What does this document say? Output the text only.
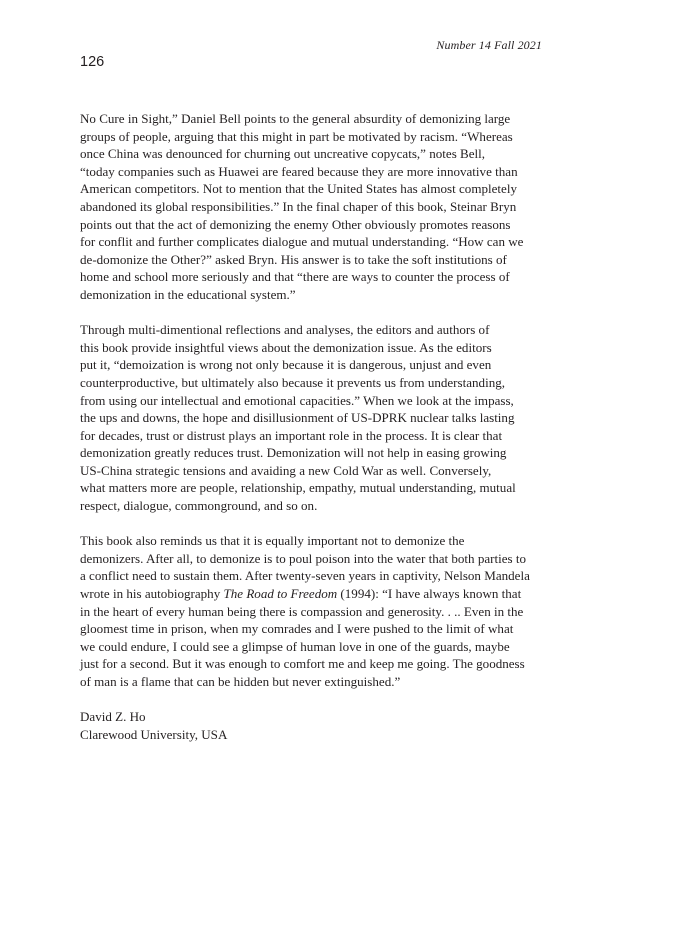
Number 14 Fall 2021
126
No Cure in Sight,” Daniel Bell points to the general absurdity of demonizing large
groups of people, arguing that this might in part be motivated by racism. “Whereas
once China was denounced for churning out uncreative copycats,” notes Bell,
“today companies such as Huawei are feared because they are more innovative than
American competitors. Not to mention that the United States has almost completely
abandoned its global responsibilities.” In the final chaper of this book, Steinar Bryn
points out that the act of demonizing the enemy Other obviously promotes reasons
for conflit and further complicates dialogue and mutual understanding. “How can we
de-domonize the Other?” asked Bryn. His answer is to take the soft institutions of
home and school more seriously and that “there are ways to counter the process of
demonization in the educational system.”
Through multi-dimentional reflections and analyses, the editors and authors of
this book provide insightful views about the demonization issue. As the editors
put it, “demoization is wrong not only because it is dangerous, unjust and even
counterproductive, but ultimately also because it prevents us from understanding,
from using our intellectual and emotional capacities.” When we look at the impass,
the ups and downs, the hope and disillusionment of US-DPRK nuclear talks lasting
for decades, trust or distrust plays an important role in the process. It is clear that
demonization greatly reduces trust. Demonization will not help in easing growing
US-China strategic tensions and avaiding a new Cold War as well. Conversely,
what matters more are people, relationship, empathy, mutual understanding, mutual
respect, dialogue, commonground, and so on.
This book also reminds us that it is equally important not to demonize the
demonizers. After all, to demonize is to poul poison into the water that both parties to
a conflict need to sustain them. After twenty-seven years in captivity, Nelson Mandela
wrote in his autobiography The Road to Freedom (1994): “I have always known that
in the heart of every human being there is compassion and generosity. . .. Even in the
gloomest time in prison, when my comrades and I were pushed to the limit of what
we could endure, I could see a glimpse of human love in one of the guards, maybe
just for a second. But it was enough to comfort me and keep me going. The goodness
of man is a flame that can be hidden but never extinguished.”
David Z. Ho
Clarewood University, USA
